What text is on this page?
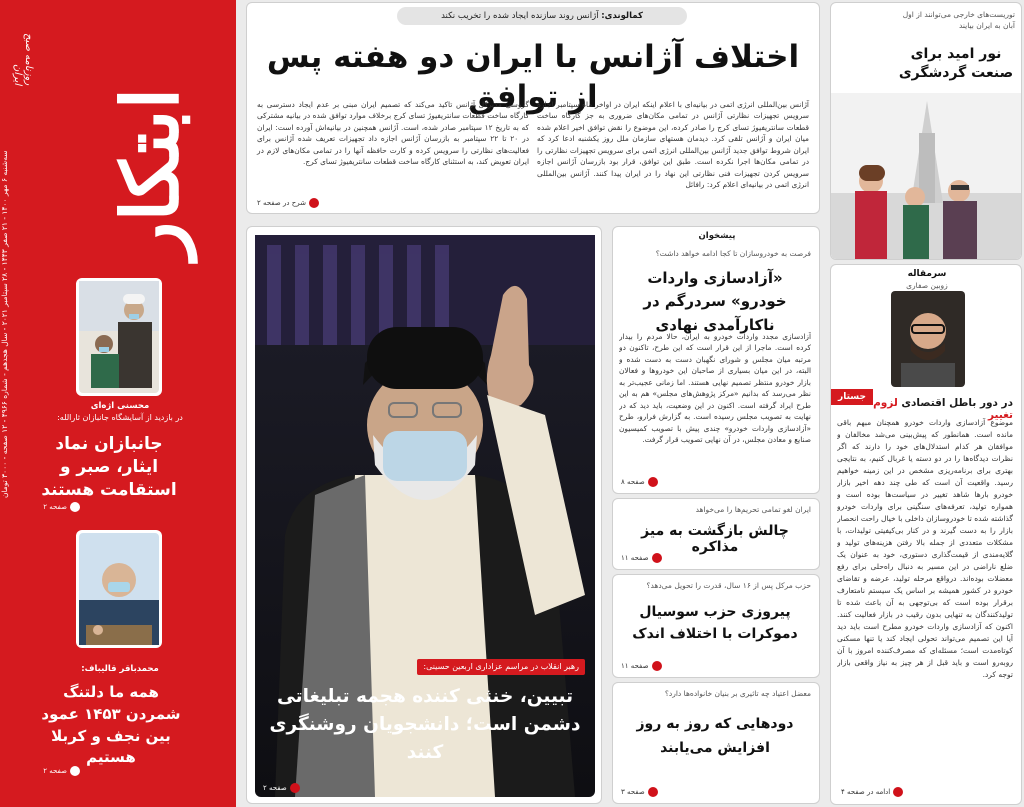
روزنامه صبح ایران
سه‌شنبه ۶ مهر ۱۴۰۰ - ۲۱ صفر ۱۴۴۳ - ۲۸ سپتامبر ۲۰۲۱ - سال هجدهم - شماره ۴۹۶۶ - ۱۲ صفحه - ۳۰۰۰ تومان ابتکار
محسنی اژه‌ای
در بازدید از آسایشگاه جانبازان ثارالله:
جانبازان نماد ایثار، صبر و استقامت هستند
صفحه ۲
محمدباقر قالیباف:
همه ما دلتنگ شمردن ۱۴۵۳ عمود بین نجف و کربلا هستیم
صفحه ۲
کمالوندی: آژانس روند سازنده ایجاد شده را تخریب نکند
اختلاف آژانس با ایران دو هفته پس از توافق
آژانس بین‌المللی انرژی اتمی در بیانیه‌ای با اعلام اینکه ایران در اواخر ماه سپتامبر اجازه سرویس تجهیزات نظارتی آژانس در تمامی مکان‌های ضروری به جز کارگاه ساخت قطعات سانتریفیوژ تسای کرج را صادر کرده، این موضوع را نقض توافق اخیر اعلام شده میان ایران و آژانس تلقی کرد. دیدمان هستهای سازمان ملل روز یکشنبه ادعا کرد که ایران شروط توافق جدید آژانس بین‌المللی انرژی اتمی برای سرویس تجهیزات نظارتی را در تمامی مکان‌ها اجرا نکرده است. طبق این توافق، قرار بود بازرسان آژانس اجازه سرویس کردن تجهیزات فنی نظارتی این نهاد را در ایران پیدا کنند. آژانس بین‌المللی انرژی اتمی در بیانیه‌ای اعلام کرد: رافائل
گروسی مدیرکل آژانس تاکید می‌کند که تصمیم ایران مبنی بر عدم ایجاد دسترسی به کارگاه ساخت قطعات سانتریفیوژ تسای کرج برخلاف موارد توافق شده در بیانیه مشترکی که به تاریخ ۱۲ سپتامبر صادر شده، است. آژانس همچنین در بیانیه‌اش آورده است: ایران در ۲۰ تا ۲۲ سپتامبر به بازرسان آژانس اجازه داد تجهیزات تعریف شده آژانس برای فعالیت‌های نظارتی را سرویس کرده و کارت حافظه آنها را در تمامی مکان‌های لازم در ایران تعویض کند، به استثنای کارگاه ساخت قطعات سانتریفیوژ تسای کرج.
شرح در صفحه ۲
توریست‌های خارجی می‌توانند از اول آبان به ایران بیایند
نور امید برای صنعت گردشگری
سرمقاله
زوبین صفاری
جستار	در دور باطل اقتصادی لزوم تغییر
موضوع آزادسازی واردات خودرو همچنان مبهم باقی مانده است. همانطور که پیش‌بینی می‌شد مخالفان و موافقان هر کدام استدلال‌های خود را دارند که اگر نظرات دیدگاه‌ها را در دو دسته یا غربال کنیم، به نتایجی بهتری برای برنامه‌ریزی مشخص در این زمینه خواهیم رسید. واقعیت آن است که طی چند دهه اخیر بازار خودرو بارها شاهد تغییر در سیاست‌ها بوده است و همواره تولید، تعرفه‌های سنگینی برای واردات خودرو گذاشته شده تا خودروسازان داخلی با خیال راحت انحصار بازار را به دست گیرند و در کنار بی‌کیفیتی تولیدات، با مشکلات متعددی از جمله بالا رفتن هزینه‌های تولید و گلایه‌مندی از قیمت‌گذاری دستوری، خود به عنوان یک ضلع ناراضی در این مسیر به دنبال راه‌حلی برای رفع معضلات بوده‌اند. درواقع مرحله تولید، عرضه و تقاضای خودرو در کشور همیشه بر اساس یک سیستم نامتعارف برقرار بوده است که بی‌توجهی به آن باعث شده تا تولیدکنندگان به تنهایی بدون رقیب در بازار فعالیت کنند. اکنون که آزادسازی واردات خودرو مطرح است باید دید آیا این تصمیم می‌تواند تحولی ایجاد کند یا تنها مسکنی کوتاه‌مدت است؛ مسئله‌ای که مصرف‌کننده امروز با آن روبه‌رو است و باید قبل از هر چیز به نیاز واقعی بازار توجه کرد.
ادامه در صفحه ۴
رهبر انقلاب در مراسم عزاداری اربعین حسینی:
تبیین، خنثی کننده هجمه تبلیغاتی دشمن است؛ دانشجویان روشنگری کنند
صفحه ۲
پیشخوان
فرصت به خودروسازان تا کجا ادامه خواهد داشت؟
«آزادسازی واردات خودرو» سردرگم در ناکارآمدی نهادی
آزادسازی مجدد واردات خودرو به ایران، حالا مردم را بیدار کرده است. ماجرا از این قرار است که این طرح، تاکنون دو مرتبه میان مجلس و شورای نگهبان دست به دست شده و البته، در این میان بسیاری از صاحبان این خودروها و فعالان بازار خودرو منتظر تصمیم نهایی هستند. اما زمانی عجیب‌تر به نظر می‌رسد که بدانیم «مرکز پژوهش‌های مجلس» هم به این طرح ایراد گرفته است. اکنون در این وضعیت، باید دید که در نهایت به تصویب مجلس رسیده است. به گزارش فرارو، طرح «آزادسازی واردات خودرو» چندی پیش با تصویب کمیسیون صنایع و معادن مجلس، در آن نهایی تصویب قرار گرفت.
صفحه ۸
ایران لغو تمامی تحریم‌ها را می‌خواهد
چالش بازگشت به میز مذاکره
صفحه ۱۱
حزب مرکل پس از ۱۶ سال، قدرت را تحویل می‌دهد؟
پیروزی حزب سوسیال دموکرات با اختلاف اندک
صفحه ۱۱
معضل اعتیاد چه تاثیری بر بنیان خانواده‌ها دارد؟
دودهایی که روز به روز افزایش می‌یابند
صفحه ۳
